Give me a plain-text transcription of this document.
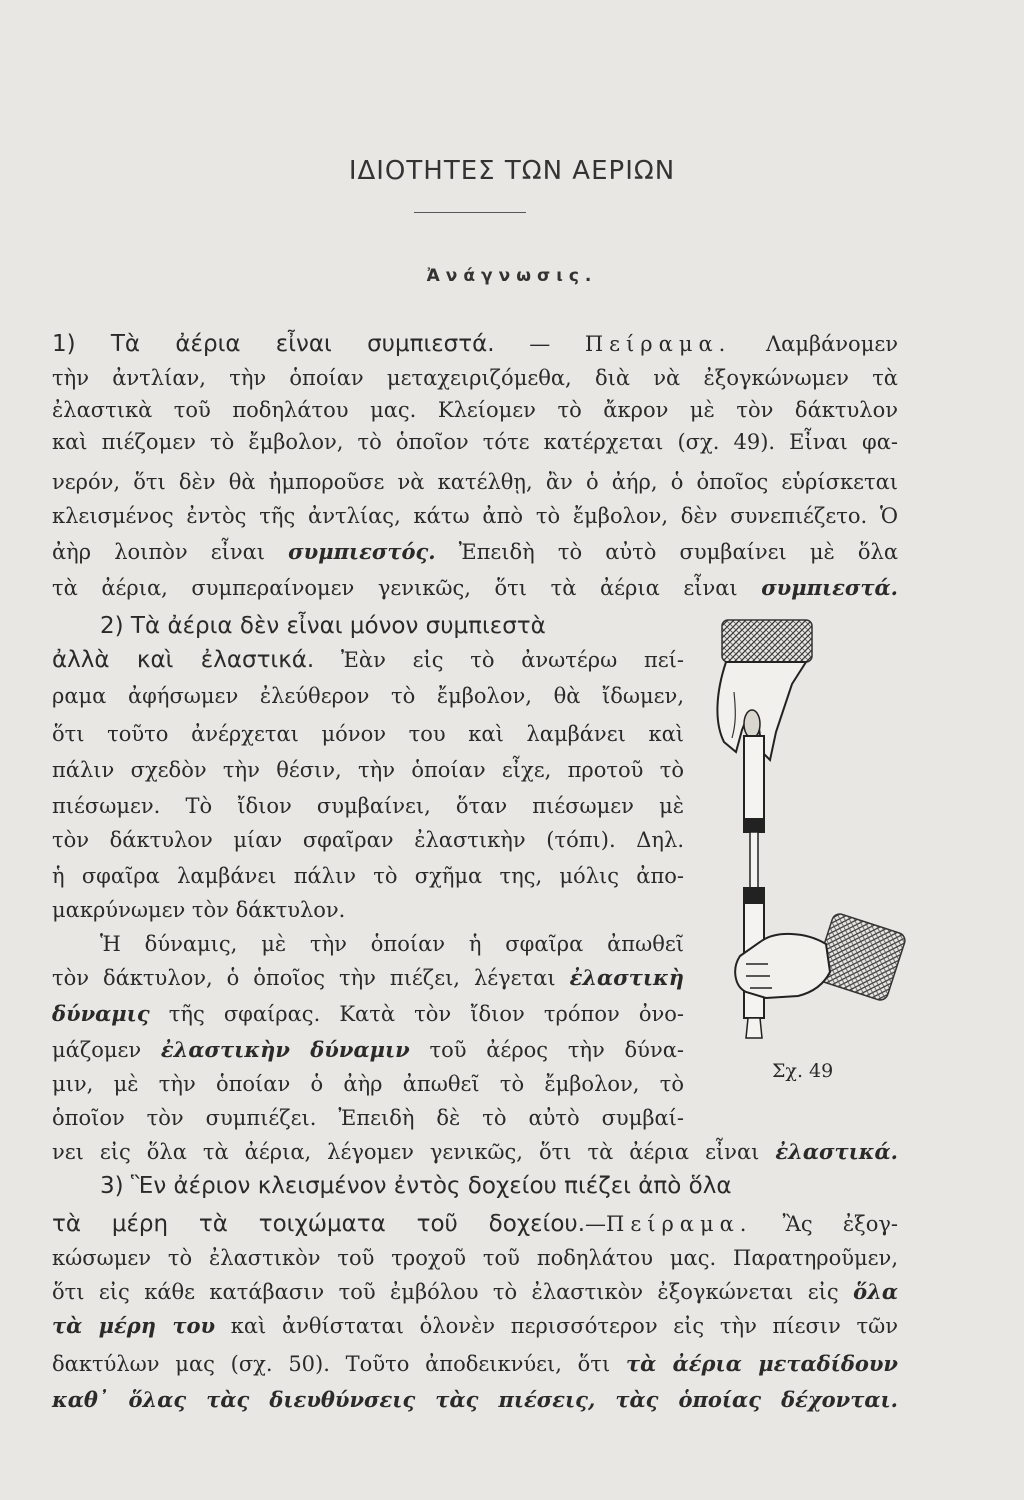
ΙΔΙΟΤΗΤΕΣ ΤΩΝ ΑΕΡΙΩΝ
Ἀνάγνωσις.
1) Τὰ ἀέρια εἶναι συμπιεστά. — Πείραμα. Λαμβάνομεν
τὴν ἀντλίαν, τὴν ὁποίαν μεταχειριζόμεθα, διὰ νὰ ἐξογκώνωμεν τὰ
ἐλαστικὰ τοῦ ποδηλάτου μας. Κλείομεν τὸ ἄκρον μὲ τὸν δάκτυλον
καὶ πιέζομεν τὸ ἔμβολον, τὸ ὁποῖον τότε κατέρχεται (σχ. 49). Εἶναι φα-
νερόν, ὅτι δὲν θὰ ἠμποροῦσε νὰ κατέλθῃ, ἂν ὁ ἀήρ, ὁ ὁποῖος εὑρίσκεται
κλεισμένος ἐντὸς τῆς ἀντλίας, κάτω ἀπὸ τὸ ἔμβολον, δὲν συνεπιέζετο. Ὁ
ἀὴρ λοιπὸν εἶναι συμπιεστός. Ἐπειδὴ τὸ αὐτὸ συμβαίνει μὲ ὅλα
τὰ ἀέρια, συμπεραίνομεν γενικῶς, ὅτι τὰ ἀέρια εἶναι συμπιεστά.
2) Τὰ ἀέρια δὲν εἶναι μόνον συμπιεστὰ
ἀλλὰ καὶ ἐλαστικά. Ἐὰν εἰς τὸ ἀνωτέρω πεί-
ραμα ἀφήσωμεν ἐλεύθερον τὸ ἔμβολον, θὰ ἴδωμεν,
ὅτι τοῦτο ἀνέρχεται μόνον του καὶ λαμβάνει καὶ
πάλιν σχεδὸν τὴν θέσιν, τὴν ὁποίαν εἶχε, προτοῦ τὸ
πιέσωμεν. Τὸ ἴδιον συμβαίνει, ὅταν πιέσωμεν μὲ
τὸν δάκτυλον μίαν σφαῖραν ἐλαστικὴν (τόπι). Δηλ.
ἡ σφαῖρα λαμβάνει πάλιν τὸ σχῆμα της, μόλις ἀπο-
μακρύνωμεν τὸν δάκτυλον.
Ἡ δύναμις, μὲ τὴν ὁποίαν ἡ σφαῖρα ἀπωθεῖ
τὸν δάκτυλον, ὁ ὁποῖος τὴν πιέζει, λέγεται ἐλαστικὴ
δύναμις τῆς σφαίρας. Κατὰ τὸν ἴδιον τρόπον ὀνο-
μάζομεν ἐλαστικὴν δύναμιν τοῦ ἀέρος τὴν δύνα-
μιν, μὲ τὴν ὁποίαν ὁ ἀὴρ ἀπωθεῖ τὸ ἔμβολον, τὸ
ὁποῖον τὸν συμπιέζει. Ἐπειδὴ δὲ τὸ αὐτὸ συμβαί-
νει εἰς ὅλα τὰ ἀέρια, λέγομεν γενικῶς, ὅτι τὰ ἀέρια εἶναι ἐλαστικά.
Σχ. 49
3) Ἓν ἀέριον κλεισμένον ἐντὸς δοχείου πιέζει ἀπὸ ὅλα
τὰ μέρη τὰ τοιχώματα τοῦ δοχείου.—Πείραμα. Ἂς ἐξογ-
κώσωμεν τὸ ἐλαστικὸν τοῦ τροχοῦ τοῦ ποδηλάτου μας. Παρατηροῦμεν,
ὅτι εἰς κάθε κατάβασιν τοῦ ἐμβόλου τὸ ἐλαστικὸν ἐξογκώνεται εἰς ὅλα
τὰ μέρη του καὶ ἀνθίσταται ὁλονὲν περισσότερον εἰς τὴν πίεσιν τῶν
δακτύλων μας (σχ. 50). Τοῦτο ἀποδεικνύει, ὅτι τὰ ἀέρια μεταδίδουν
καθ᾿ ὅλας τὰς διευθύνσεις τὰς πιέσεις, τὰς ὁποίας δέχονται.
